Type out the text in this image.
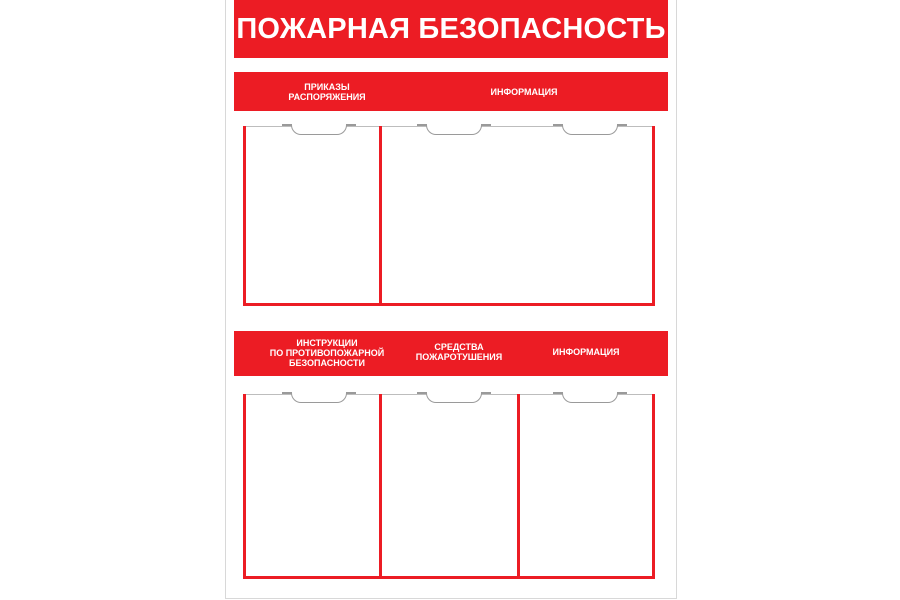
ПОЖАРНАЯ БЕЗОПАСНОСТЬ
ПРИКАЗЫ
РАСПОРЯЖЕНИЯ	ИНФОРМАЦИЯ
ИНСТРУКЦИИ
ПО ПРОТИВОПОЖАРНОЙ
БЕЗОПАСНОСТИ
СРЕДСТВА
ПОЖАРОТУШЕНИЯ	ИНФОРМАЦИЯ
